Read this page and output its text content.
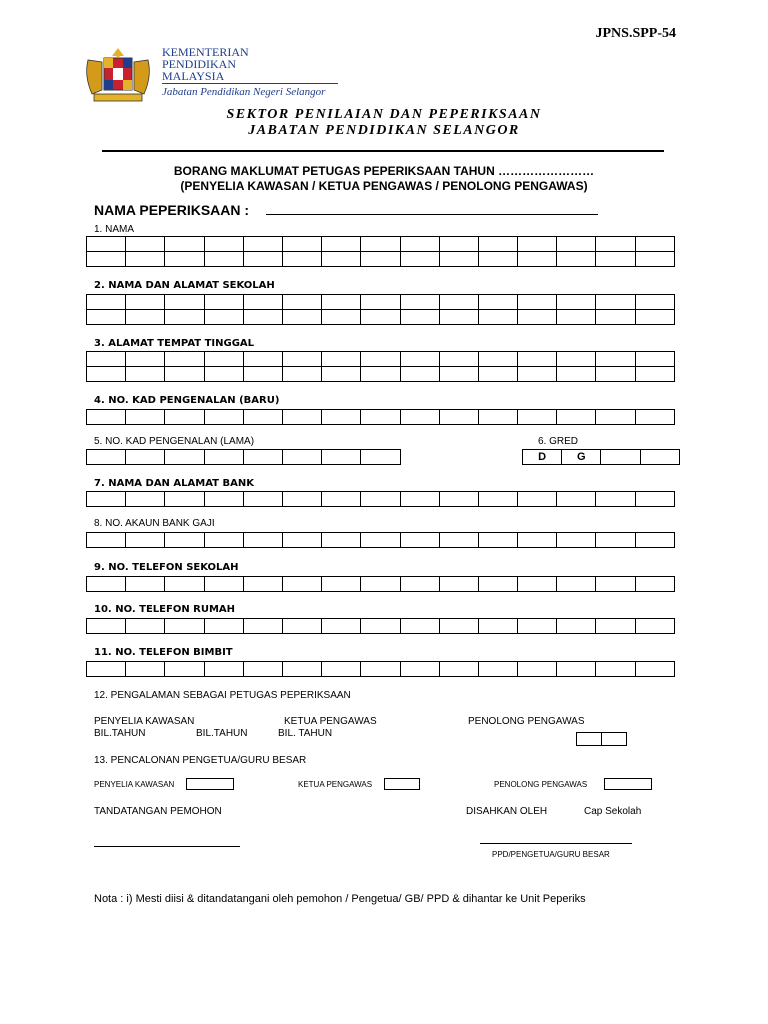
JPNS.SPP-54
KEMENTERIAN
PENDIDIKAN
MALAYSIA
Jabatan Pendidikan Negeri Selangor
SEKTOR PENILAIAN DAN PEPERIKSAAN
JABATAN PENDIDIKAN SELANGOR
BORANG MAKLUMAT PETUGAS PEPERIKSAAN TAHUN ……………………
(PENYELIA KAWASAN / KETUA PENGAWAS / PENOLONG PENGAWAS)
NAMA PEPERIKSAAN :
1. NAMA

2. NAMA DAN ALAMAT SEKOLAH

3. ALAMAT TEMPAT TINGGAL

4. NO. KAD PENGENALAN (BARU)

5. NO. KAD PENGENALAN (LAMA)	6. GRED

D	G		
7. NAMA DAN ALAMAT BANK

8. NO. AKAUN BANK GAJI

9. NO. TELEFON SEKOLAH

10. NO. TELEFON RUMAH

11. NO. TELEFON BIMBIT

12. PENGALAMAN SEBAGAI PETUGAS PEPERIKSAAN
PENYELIA KAWASAN	KETUA PENGAWAS	PENOLONG PENGAWAS
BIL.TAHUN	BIL.TAHUN	BIL. TAHUN

13. PENCALONAN PENGETUA/GURU BESAR
PENYELIA KAWASAN	KETUA PENGAWAS	PENOLONG PENGAWAS
TANDATANGAN PEMOHON	DISAHKAN OLEH	Cap Sekolah
PPD/PENGETUA/GURU BESAR
Nota : i) Mesti diisi & ditandatangani oleh pemohon / Pengetua/ GB/ PPD & dihantar ke Unit Peperiks
